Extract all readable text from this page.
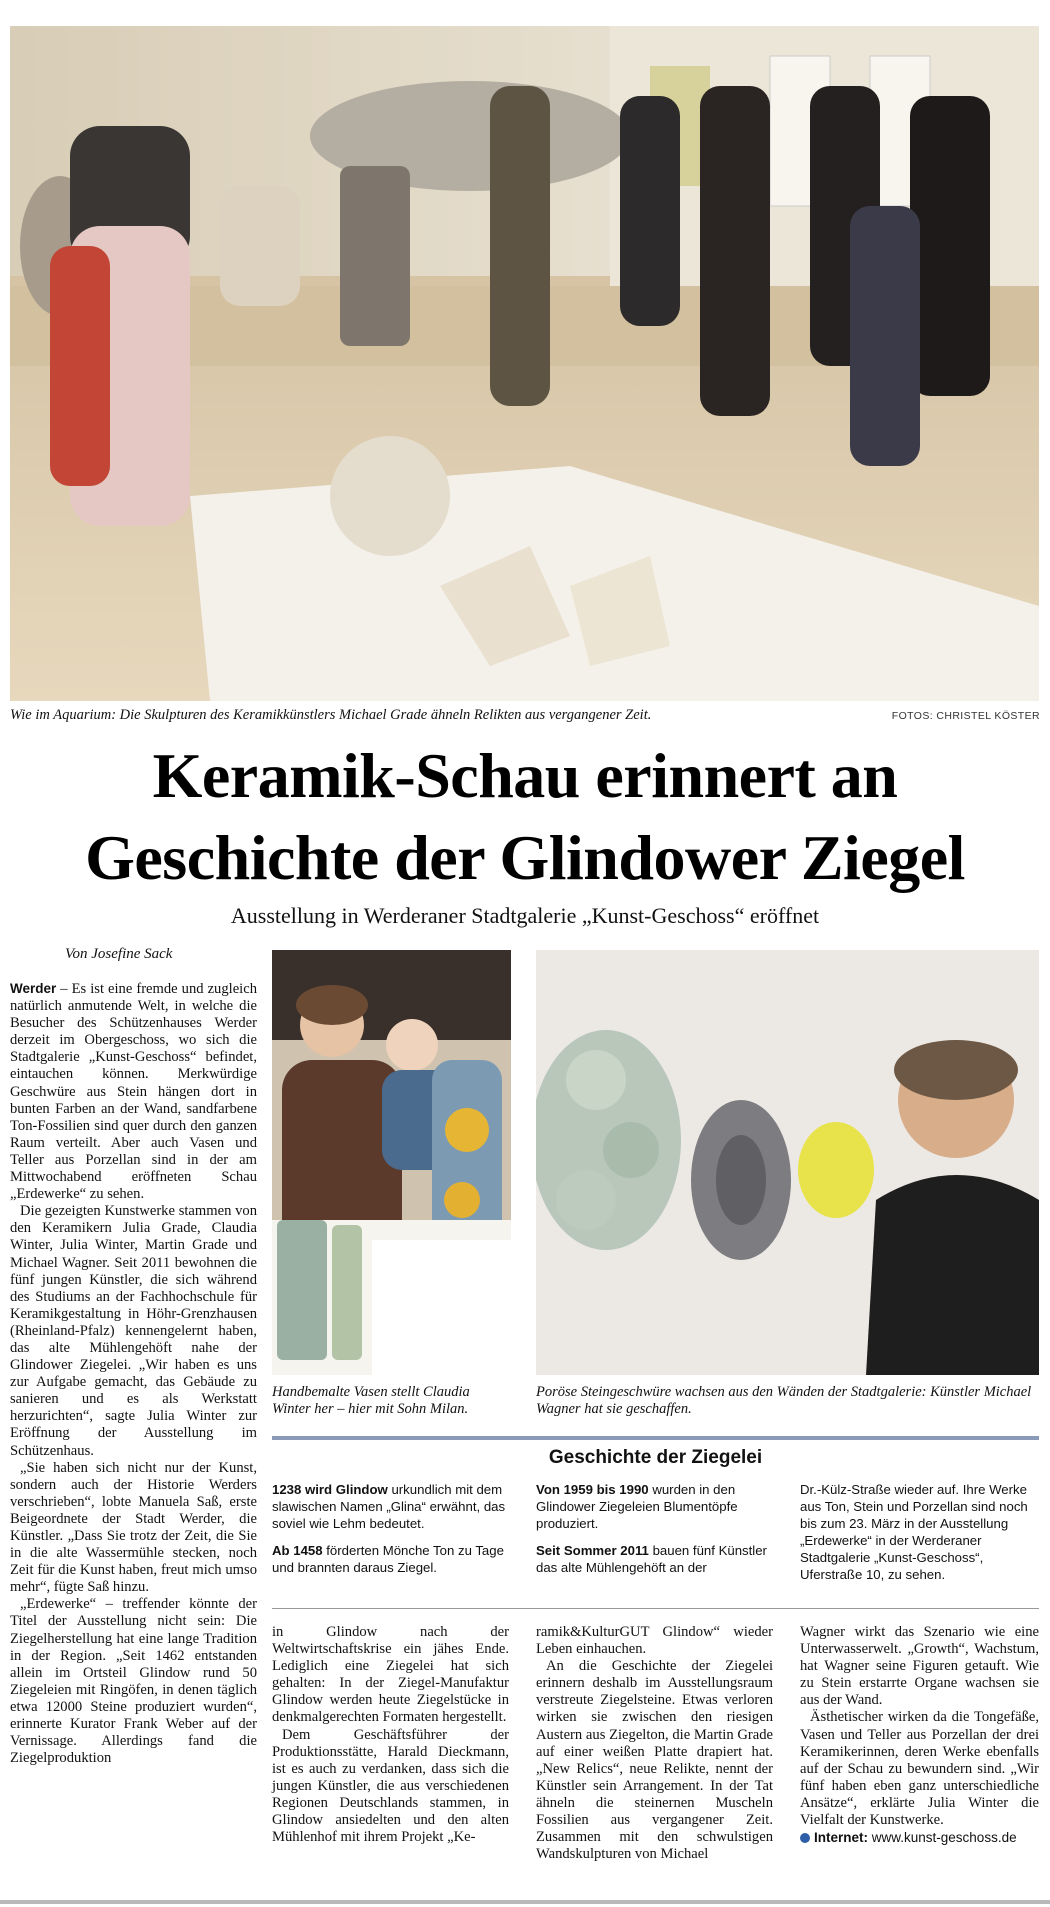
Wie im Aquarium: Die Skulpturen des Keramikkünstlers Michael Grade ähneln Relikten aus vergangener Zeit.	FOTOS: CHRISTEL KÖSTER
Keramik-Schau erinnert an
Geschichte der Glindower Ziegel
Ausstellung in Werderaner Stadtgalerie „Kunst-Geschoss“ eröffnet
Von Josefine Sack

Werder – Es ist eine fremde und zugleich natürlich anmutende Welt, in welche die Besucher des Schützenhauses Werder derzeit im Obergeschoss, wo sich die Stadtgalerie „Kunst-Geschoss“ befindet, eintauchen können. Merkwürdige Geschwüre aus Stein hängen dort in bunten Farben an der Wand, sandfarbene Ton-Fossilien sind quer durch den ganzen Raum verteilt. Aber auch Vasen und Teller aus Porzellan sind in der am Mittwochabend eröffneten Schau „Erdewerke“ zu sehen.

Die gezeigten Kunstwerke stammen von den Keramikern Julia Grade, Claudia Winter, Julia Winter, Martin Grade und Michael Wagner. Seit 2011 bewohnen die fünf jungen Künstler, die sich während des Studiums an der Fachhochschule für Keramikgestaltung in Höhr-Grenzhausen (Rheinland-Pfalz) kennengelernt haben, das alte Mühlengehöft nahe der Glindower Ziegelei. „Wir haben es uns zur Aufgabe gemacht, das Gebäude zu sanieren und es als Werkstatt herzurichten“, sagte Julia Winter zur Eröffnung der Ausstellung im Schützenhaus.

„Sie haben sich nicht nur der Kunst, sondern auch der Historie Werders verschrieben“, lobte Manuela Saß, erste Beigeordnete der Stadt Werder, die Künstler. „Dass Sie trotz der Zeit, die Sie in die alte Wassermühle stecken, noch Zeit für die Kunst haben, freut mich umso mehr“, fügte Saß hinzu.

„Erdewerke“ – treffender könnte der Titel der Ausstellung nicht sein: Die Ziegelherstellung hat eine lange Tradition in der Region. „Seit 1462 entstanden allein im Ortsteil Glindow rund 50 Ziegeleien mit Ringöfen, in denen täglich etwa 12000 Steine produziert wurden“, erinnerte Kurator Frank Weber auf der Vernissage. Allerdings fand die Ziegelproduktion

Handbemalte Vasen stellt Claudia Winter her – hier mit Sohn Milan.
Poröse Steingeschwüre wachsen aus den Wänden der Stadtgalerie: Künstler Michael Wagner hat sie geschaffen.
Geschichte der Ziegelei

1238 wird Glindow urkundlich mit dem slawischen Namen „Glina“ erwähnt, das soviel wie Lehm bedeutet.

Ab 1458 förderten Mönche Ton zu Tage und brannten daraus Ziegel.

Von 1959 bis 1990 wurden in den Glindower Ziegeleien Blumentöpfe produziert.

Seit Sommer 2011 bauen fünf Künstler das alte Mühlengehöft an der

Dr.-Külz-Straße wieder auf. Ihre Werke aus Ton, Stein und Porzellan sind noch bis zum 23. März in der Ausstellung „Erdewerke“ in der Werderaner Stadtgalerie „Kunst-Geschoss“, Uferstraße 10, zu sehen.

in Glindow nach der Weltwirtschaftskrise ein jähes Ende. Lediglich eine Ziegelei hat sich gehalten: In der Ziegel-Manufaktur Glindow werden heute Ziegelstücke in denkmalgerechten Formaten hergestellt.

Dem Geschäftsführer der Produktionsstätte, Harald Dieckmann, ist es auch zu verdanken, dass sich die jungen Künstler, die aus verschiedenen Regionen Deutschlands stammen, in Glindow ansiedelten und den alten Mühlenhof mit ihrem Projekt „Ke-

ramik&KulturGUT Glindow“ wieder Leben einhauchen.

An die Geschichte der Ziegelei erinnern deshalb im Ausstellungsraum verstreute Ziegelsteine. Etwas verloren wirken sie zwischen den riesigen Austern aus Ziegelton, die Martin Grade auf einer weißen Platte drapiert hat. „New Relics“, neue Relikte, nennt der Künstler sein Arrangement. In der Tat ähneln die steinernen Muscheln Fossilien aus vergangener Zeit. Zusammen mit den schwulstigen Wandskulpturen von Michael

Wagner wirkt das Szenario wie eine Unterwasserwelt. „Growth“, Wachstum, hat Wagner seine Figuren getauft. Wie zu Stein erstarrte Organe wachsen sie aus der Wand.

Ästhetischer wirken da die Tongefäße, Vasen und Teller aus Porzellan der drei Keramikerinnen, deren Werke ebenfalls auf der Schau zu bewundern sind. „Wir fünf haben eben ganz unterschiedliche Ansätze“, erklärte Julia Winter die Vielfalt der Kunstwerke.

Internet: www.kunst-geschoss.de
